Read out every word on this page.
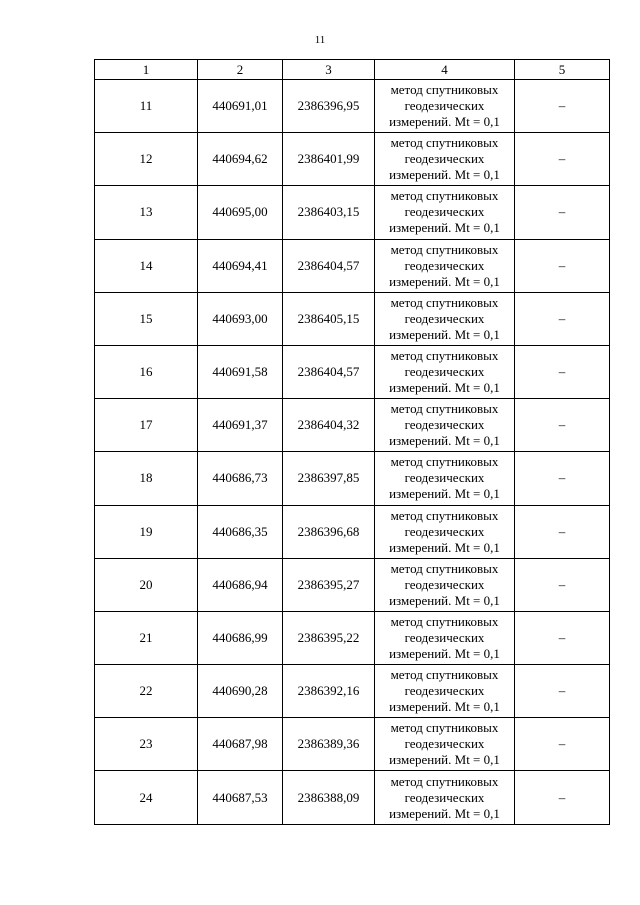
11
1	2	3	4	5
11	440691,01	2386396,95	метод спутниковых
геодезических
измерений. Mt = 0,1	–
12	440694,62	2386401,99	метод спутниковых
геодезических
измерений. Mt = 0,1	–
13	440695,00	2386403,15	метод спутниковых
геодезических
измерений. Mt = 0,1	–
14	440694,41	2386404,57	метод спутниковых
геодезических
измерений. Mt = 0,1	–
15	440693,00	2386405,15	метод спутниковых
геодезических
измерений. Mt = 0,1	–
16	440691,58	2386404,57	метод спутниковых
геодезических
измерений. Mt = 0,1	–
17	440691,37	2386404,32	метод спутниковых
геодезических
измерений. Mt = 0,1	–
18	440686,73	2386397,85	метод спутниковых
геодезических
измерений. Mt = 0,1	–
19	440686,35	2386396,68	метод спутниковых
геодезических
измерений. Mt = 0,1	–
20	440686,94	2386395,27	метод спутниковых
геодезических
измерений. Mt = 0,1	–
21	440686,99	2386395,22	метод спутниковых
геодезических
измерений. Mt = 0,1	–
22	440690,28	2386392,16	метод спутниковых
геодезических
измерений. Mt = 0,1	–
23	440687,98	2386389,36	метод спутниковых
геодезических
измерений. Mt = 0,1	–
24	440687,53	2386388,09	метод спутниковых
геодезических
измерений. Mt = 0,1	–
